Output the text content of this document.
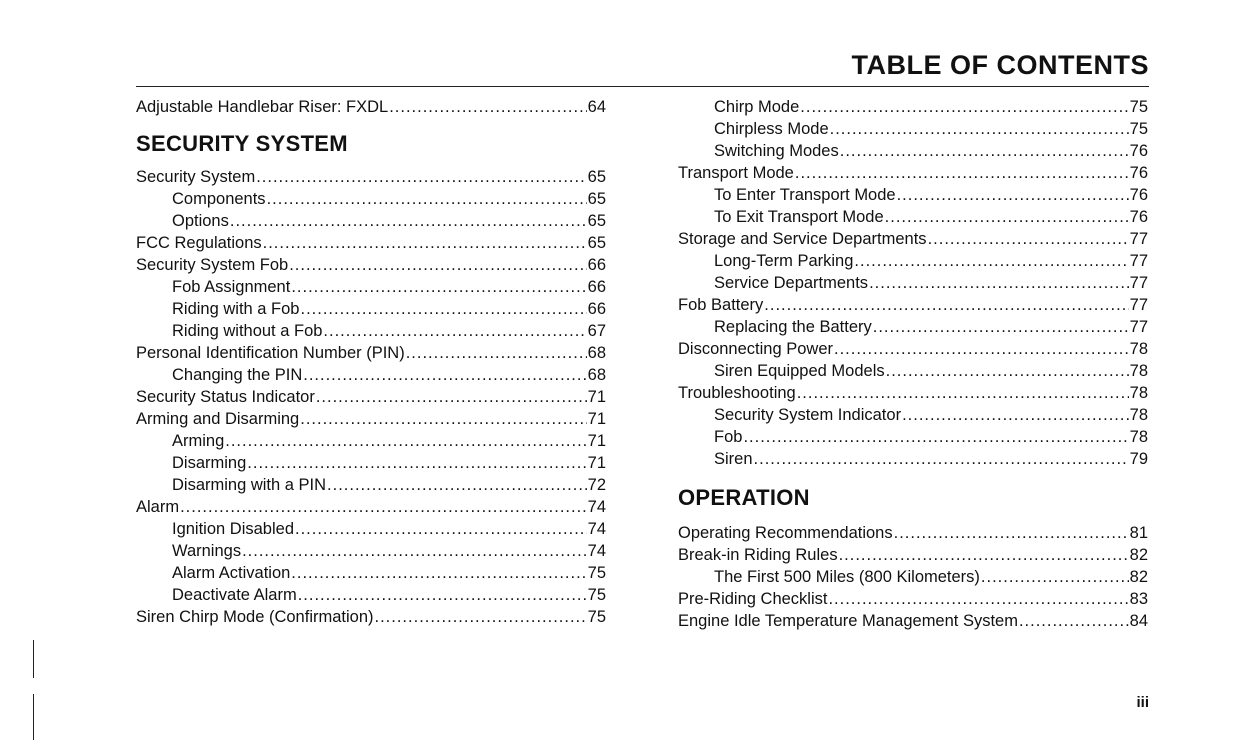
TABLE OF CONTENTS
Adjustable Handlebar Riser: FXDL .....	64
SECURITY SYSTEM
Security System .....	65
Components .....	65
Options .....	65
FCC Regulations .....	65
Security System Fob .....	66
Fob Assignment .....	66
Riding with a Fob .....	66
Riding without a Fob .....	67
Personal Identification Number (PIN) .....	68
Changing the PIN .....	68
Security Status Indicator .....	71
Arming and Disarming .....	71
Arming .....	71
Disarming .....	71
Disarming with a PIN .....	72
Alarm .....	74
Ignition Disabled .....	74
Warnings .....	74
Alarm Activation .....	75
Deactivate Alarm .....	75
Siren Chirp Mode (Confirmation) .....	75
Chirp Mode .....	75
Chirpless Mode .....	75
Switching Modes .....	76
Transport Mode .....	76
To Enter Transport Mode .....	76
To Exit Transport Mode .....	76
Storage and Service Departments .....	77
Long-Term Parking .....	77
Service Departments .....	77
Fob Battery .....	77
Replacing the Battery .....	77
Disconnecting Power .....	78
Siren Equipped Models .....	78
Troubleshooting .....	78
Security System Indicator .....	78
Fob .....	78
Siren .....	79
OPERATION
Operating Recommendations .....	81
Break-in Riding Rules .....	82
The First 500 Miles (800 Kilometers) .....	82
Pre-Riding Checklist .....	83
Engine Idle Temperature Management System .....	84
iii
